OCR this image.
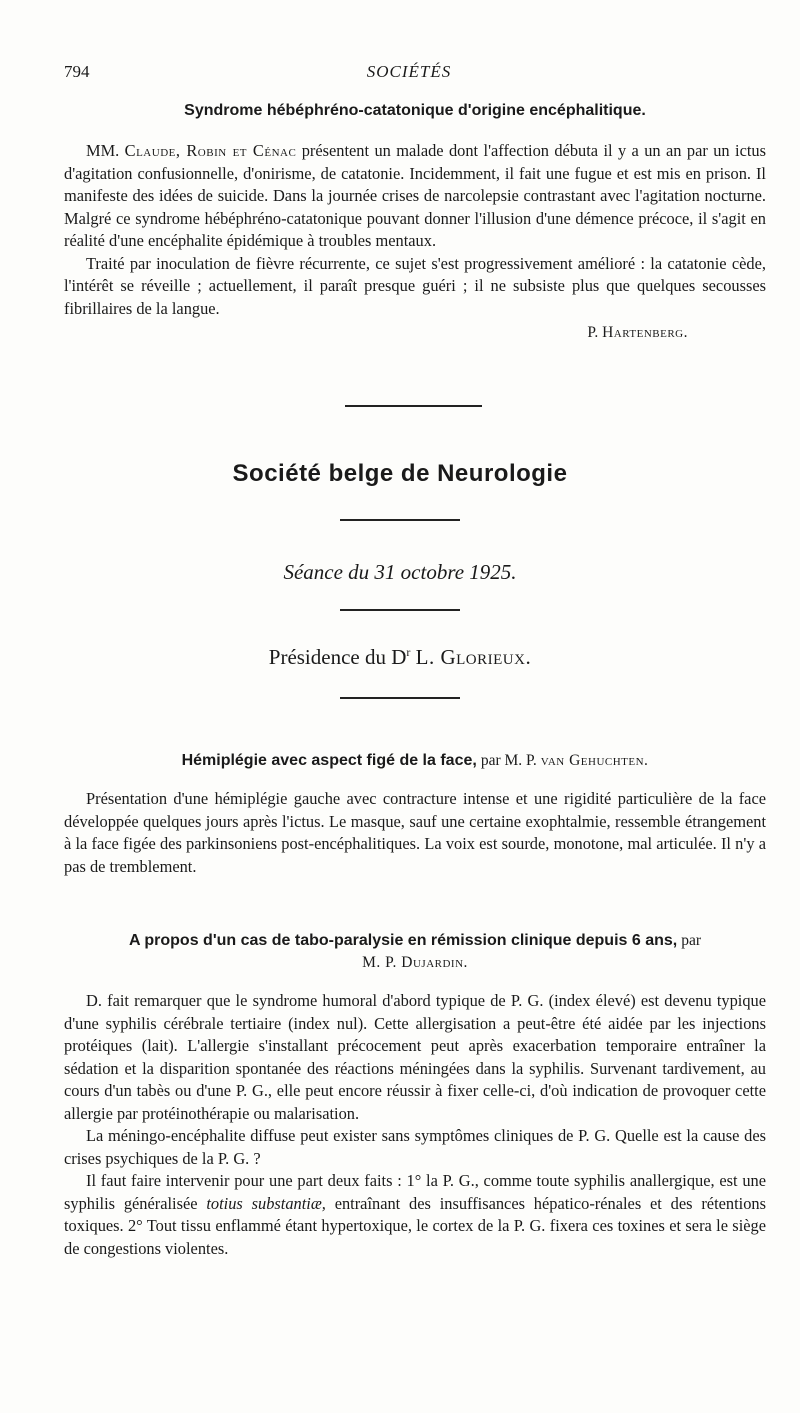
794	SOCIÉTÉS
Syndrome hébéphréno-catatonique d'origine encéphalitique.

MM. Claude, Robin et Cénac présentent un malade dont l'affection débuta il y a un an par un ictus d'agitation confusionnelle, d'onirisme, de catatonie. Incidemment, il fait une fugue et est mis en prison. Il manifeste des idées de suicide. Dans la journée crises de narcolepsie contrastant avec l'agitation nocturne. Malgré ce syndrome hébéphréno-catatonique pouvant donner l'illusion d'une démence précoce, il s'agit en réalité d'une encéphalite épidémique à troubles mentaux.

Traité par inoculation de fièvre récurrente, ce sujet s'est progressivement amélioré : la catatonie cède, l'intérêt se réveille ; actuellement, il paraît presque guéri ; il ne subsiste plus que quelques secousses fibrillaires de la langue.

P. Hartenberg.
Société belge de Neurologie
Séance du 31 octobre 1925.
Présidence du $D^r$ L. Glorieux.
Hémiplégie avec aspect figé de la face, par M. P. van Gehuchten.

Présentation d'une hémiplégie gauche avec contracture intense et une rigidité particulière de la face développée quelques jours après l'ictus. Le masque, sauf une certaine exophtalmie, ressemble étrangement à la face figée des parkinsoniens post-encéphalitiques. La voix est sourde, monotone, mal articulée. Il n'y a pas de tremblement.

A propos d'un cas de tabo-paralysie en rémission clinique depuis 6 ans, par
M. P. Dujardin.

D. fait remarquer que le syndrome humoral d'abord typique de P. G. (index élevé) est devenu typique d'une syphilis cérébrale tertiaire (index nul). Cette allergisation a peut-être été aidée par les injections protéiques (lait). L'allergie s'installant précocement peut après exacerbation temporaire entraîner la sédation et la disparition spontanée des réactions méningées dans la syphilis. Survenant tardivement, au cours d'un tabès ou d'une P. G., elle peut encore réussir à fixer celle-ci, d'où indication de provoquer cette allergie par protéinothérapie ou malarisation.

La méningo-encéphalite diffuse peut exister sans symptômes cliniques de P. G. Quelle est la cause des crises psychiques de la P. G. ?

Il faut faire intervenir pour une part deux faits : 1° la P. G., comme toute syphilis anallergique, est une syphilis généralisée totius substantiæ, entraînant des insuffisances hépatico-rénales et des rétentions toxiques. 2° Tout tissu enflammé étant hypertoxique, le cortex de la P. G. fixera ces toxines et sera le siège de congestions violentes.
